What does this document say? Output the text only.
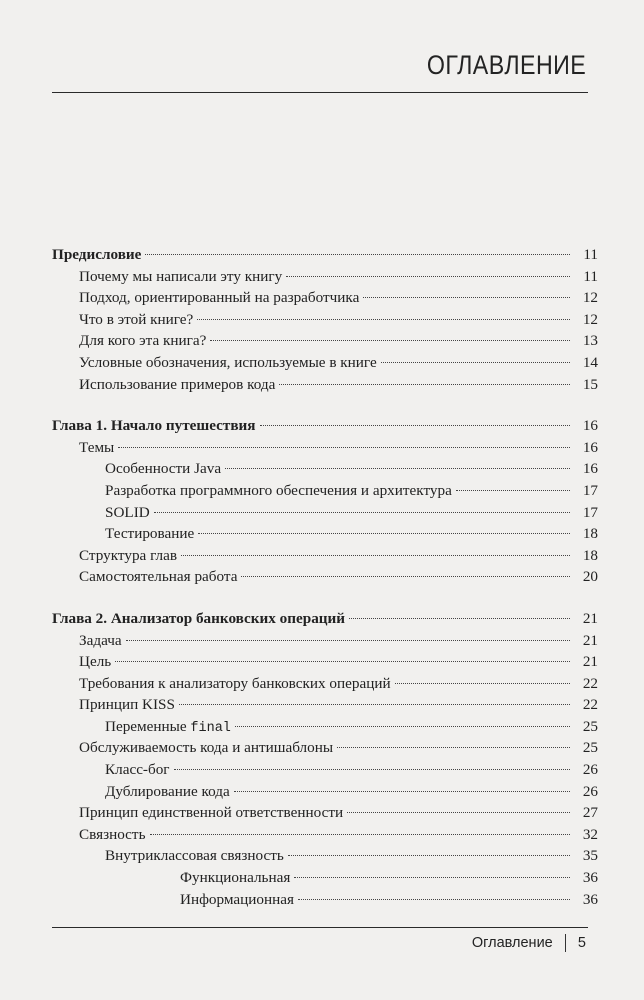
ОГЛАВЛЕНИЕ
Предисловие	11
Почему мы написали эту книгу	11
Подход, ориентированный на разработчика	12
Что в этой книге?	12
Для кого эта книга?	13
Условные обозначения, используемые в книге	14
Использование примеров кода	15
Глава 1. Начало путешествия	16
Темы	16
Особенности Java	16
Разработка программного обеспечения и архитектура	17
SOLID	17
Тестирование	18
Структура глав	18
Самостоятельная работа	20
Глава 2. Анализатор банковских операций	21
Задача	21
Цель	21
Требования к анализатору банковских операций	22
Принцип KISS	22
Переменные final	25
Обслуживаемость кода и антишаблоны	25
Класс-бог	26
Дублирование кода	26
Принцип единственной ответственности	27
Связность	32
Внутриклассовая связность	35
Функциональная	36
Информационная	36
Оглавление 5
